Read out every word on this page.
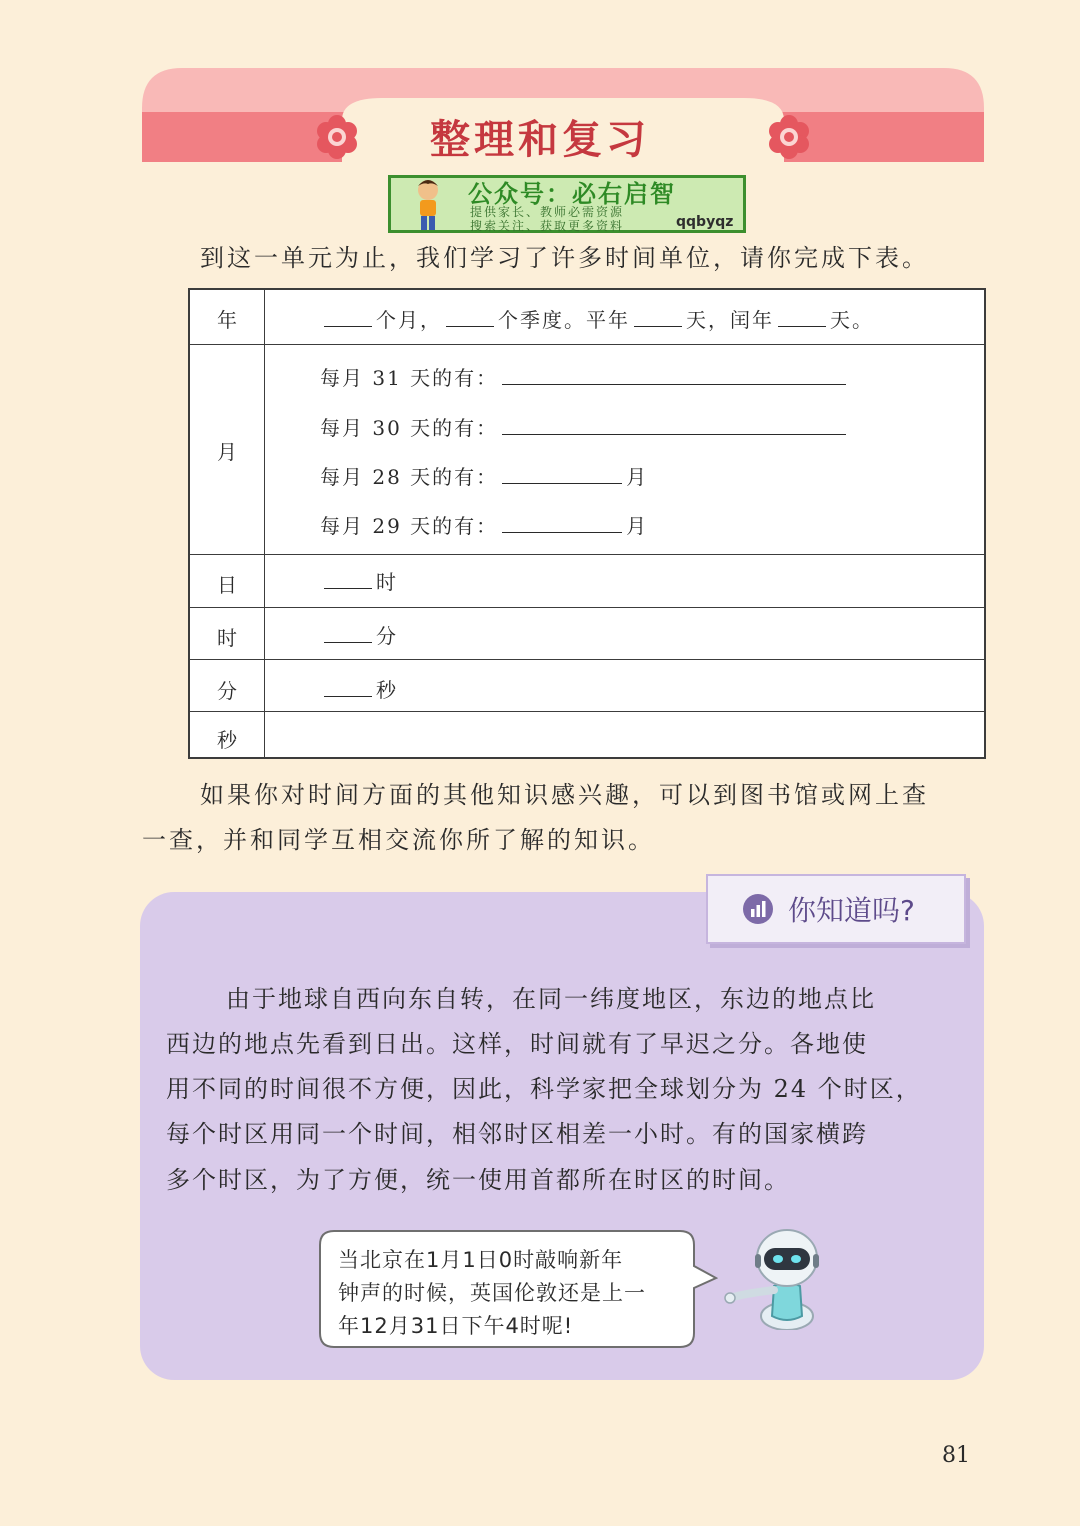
整理和复习
公众号：必右启智
提供家长、教师必需资源
搜索关注、获取更多资料	qqbyqz
到这一单元为止，我们学习了许多时间单位，请你完成下表。
年	个月，	个季度。平年	天，闰年	天。
月
每月 31 天的有：
每月 30 天的有：
每月 28 天的有：	月
每月 29 天的有：	月
日	时
时	分
分	秒
秒
如果你对时间方面的其他知识感兴趣，可以到图书馆或网上查
一查，并和同学互相交流你所了解的知识。
你知道吗?
由于地球自西向东自转，在同一纬度地区，东边的地点比
西边的地点先看到日出。这样，时间就有了早迟之分。各地使
用不同的时间很不方便，因此，科学家把全球划分为 24 个时区，
每个时区用同一个时间，相邻时区相差一小时。有的国家横跨
多个时区，为了方便，统一使用首都所在时区的时间。
当北京在1月1日0时敲响新年
钟声的时候，英国伦敦还是上一
年12月31日下午4时呢!
81
